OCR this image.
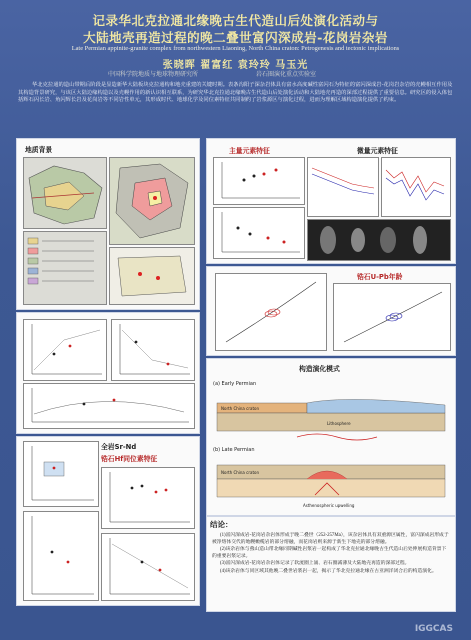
记录华北克拉通北缘晚古生代造山后处演化活动与
大陆地壳再造过程的晚二叠世富闪深成岩-花岗岩杂岩
Late Permian appinite-granite complex from northwestern Liaoning, North China craton: Petrogenesis and tectonic implications
张晓晖 翟富红 袁玲玲 马玉光
中国科学院地质与地球物理研究所	岩石圈演化重点实验室

华北克拉通的造山带期后阶段是显造新华大陆板块克拉通构和地壳重建的关键时期。表条沟阳子深杂岩体具有富水高度碱性富闪石为特征的富闪深成岩-花岗岩杂岩的壳幔相互作用及其构造背景研究，与该区大陆边缘构造以及壳幔作用的新认识相互联系，为研究华北克拉通北缘晚古生代造山后处演化活动和大陆地壳再造的深部过程提供了重要信息。研究区的侵入体包括辉石闪长岩、角闪辉长岩及花岗岩等不同岩性单元，其形成时代、地球化学及同位素特征共同制约了岩浆源区与演化过程，进而为理解区域构造演化提供了约束。

地质背景	主量元素特征	微量元素特征
锆石U-Pb年龄
全岩Sr-Nd
锆石Hf同位素特征
构造演化模式
(a) Early Permian
North China craton
Lithosphere
(b) Late Permian
North China craton
Asthenospheric upwelling
结论：

(1)富闪深成岩-花岗岩杂岩体形成于晚二叠世（252-257Ma），该杂岩体具有双重源区属性，富闪深成岩形成于被净熔体交代的地幔橄榄岩的部分熔融，而花岗岩则来源于新生下地壳的部分熔融。

(2)该杂岩体与燕山造山带北缘同期碱性岩浆岩一起构成了华北克拉通北缘晚古生代造山后处伸展构造背景下的重要岩浆记录。

(3)富闪深成岩-花岗岩杂岩体记录了软流圈上涌、岩石圈减薄及大陆地壳再造的深部过程。

(4)该杂岩体与同区域其他晚二叠世岩浆岩一起，揭示了华北克拉通北缘在古亚洲洋闭合后的构造演化。

IGGCAS
